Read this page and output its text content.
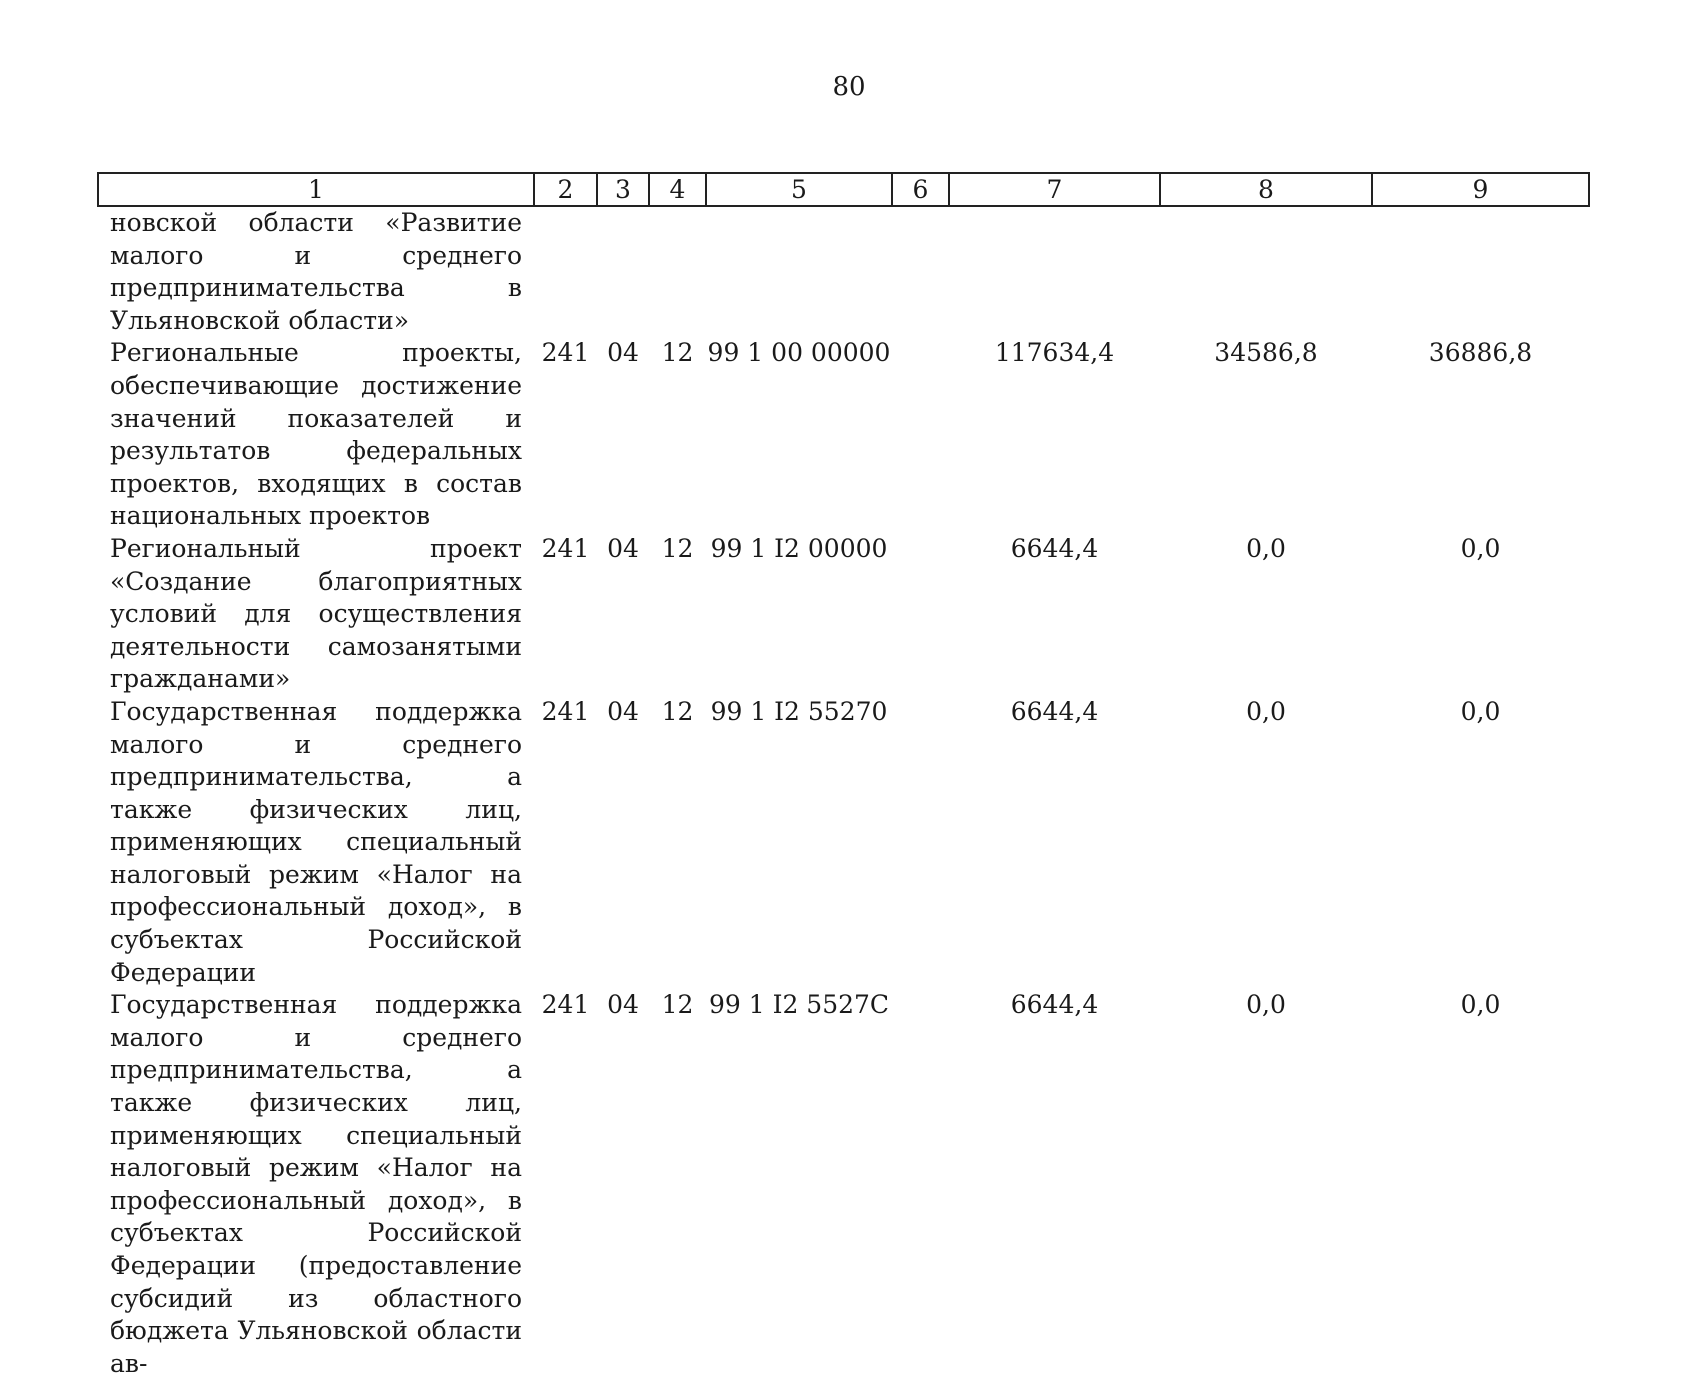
80
1	2	3	4	5	6	7	8	9
новской области «Развитие малого и среднего предпринимательства в Ульяновской области»								
Региональные проекты, обеспечивающие достижение значений показателей и результатов федеральных проектов, входящих в состав национальных проектов	241	04	12	99 1 00 00000		117634,4	34586,8	36886,8
Региональный проект «Создание благоприятных условий для осуществления деятельности самозанятыми гражданами»	241	04	12	99 1 I2 00000		6644,4	0,0	0,0
Государственная поддержка малого и среднего предпринимательства, а также физических лиц, применяющих специальный налоговый режим «Налог на профессиональный доход», в субъектах Российской Федерации	241	04	12	99 1 I2 55270		6644,4	0,0	0,0
Государственная поддержка малого и среднего предпринимательства, а также физических лиц, применяющих специальный налоговый режим «Налог на профессиональный доход», в субъектах Российской Федерации (предоставление субсидий из областного бюджета Ульяновской области ав-	241	04	12	99 1 I2 5527C		6644,4	0,0	0,0
